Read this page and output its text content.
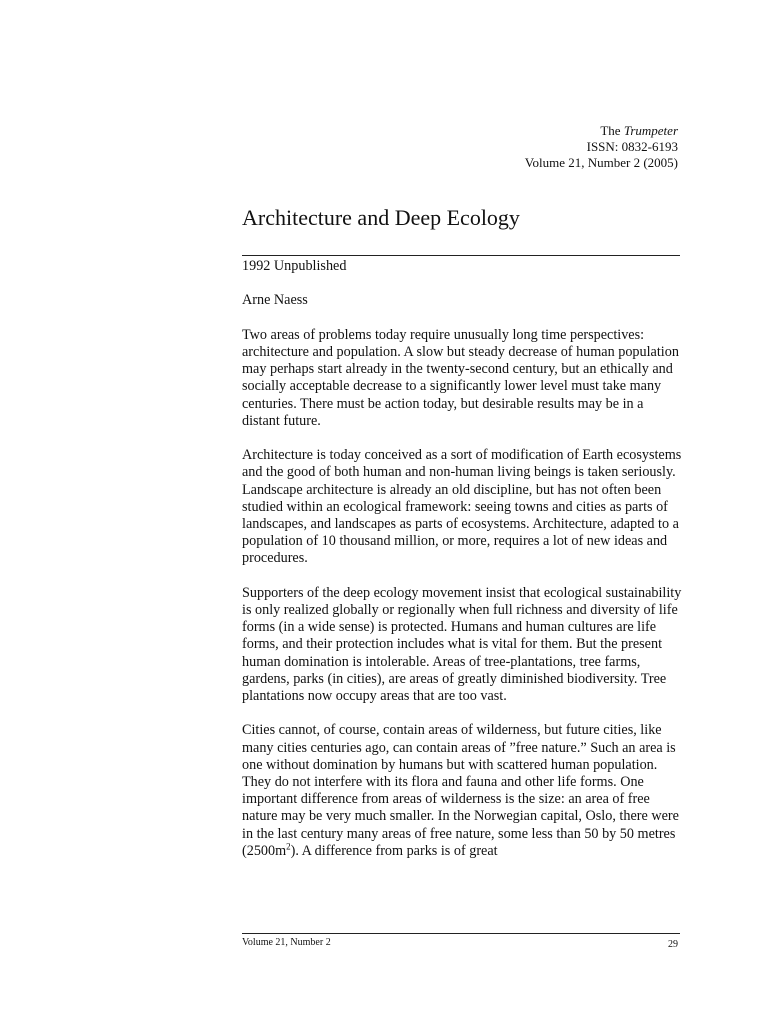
The Trumpeter
ISSN: 0832-6193
Volume 21, Number 2 (2005)
Architecture and Deep Ecology

1992 Unpublished

Arne Naess

Two areas of problems today require unusually long time perspectives: architecture and population. A slow but steady decrease of human population may perhaps start already in the twenty-second century, but an ethically and socially acceptable decrease to a significantly lower level must take many centuries. There must be action today, but desirable results may be in a distant future.

Architecture is today conceived as a sort of modification of Earth ecosystems and the good of both human and non-human living beings is taken seriously. Landscape architecture is already an old discipline, but has not often been studied within an ecological framework: seeing towns and cities as parts of landscapes, and landscapes as parts of ecosystems. Architecture, adapted to a population of 10 thousand million, or more, requires a lot of new ideas and procedures.

Supporters of the deep ecology movement insist that ecological sustainability is only realized globally or regionally when full richness and diversity of life forms (in a wide sense) is protected. Humans and human cultures are life forms, and their protection includes what is vital for them. But the present human domination is intolerable. Areas of tree-plantations, tree farms, gardens, parks (in cities), are areas of greatly diminished biodiversity. Tree plantations now occupy areas that are too vast.

Cities cannot, of course, contain areas of wilderness, but future cities, like many cities centuries ago, can contain areas of ”free nature.” Such an area is one without domination by humans but with scattered human population. They do not interfere with its flora and fauna and other life forms. One important difference from areas of wilderness is the size: an area of free nature may be very much smaller. In the Norwegian capital, Oslo, there were in the last century many areas of free nature, some less than 50 by 50 metres $(2500m^2)$. A difference from parks is of great

Volume 21, Number 2	29
